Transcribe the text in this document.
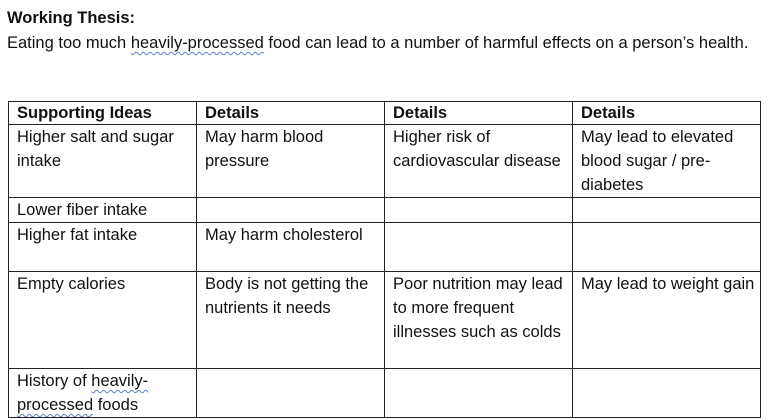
Working Thesis:
Eating too much heavily-processed food can lead to a number of harmful effects on a person’s health.
Supporting Ideas	Details	Details	Details
Higher salt and sugar intake	May harm blood pressure	Higher risk of cardiovascular disease	May lead to elevated blood sugar / pre-diabetes
Lower fiber intake			
Higher fat intake	May harm cholesterol		
Empty calories	Body is not getting the nutrients it needs	Poor nutrition may lead to more frequent illnesses such as colds	May lead to weight gain
History of heavily-processed foods			
